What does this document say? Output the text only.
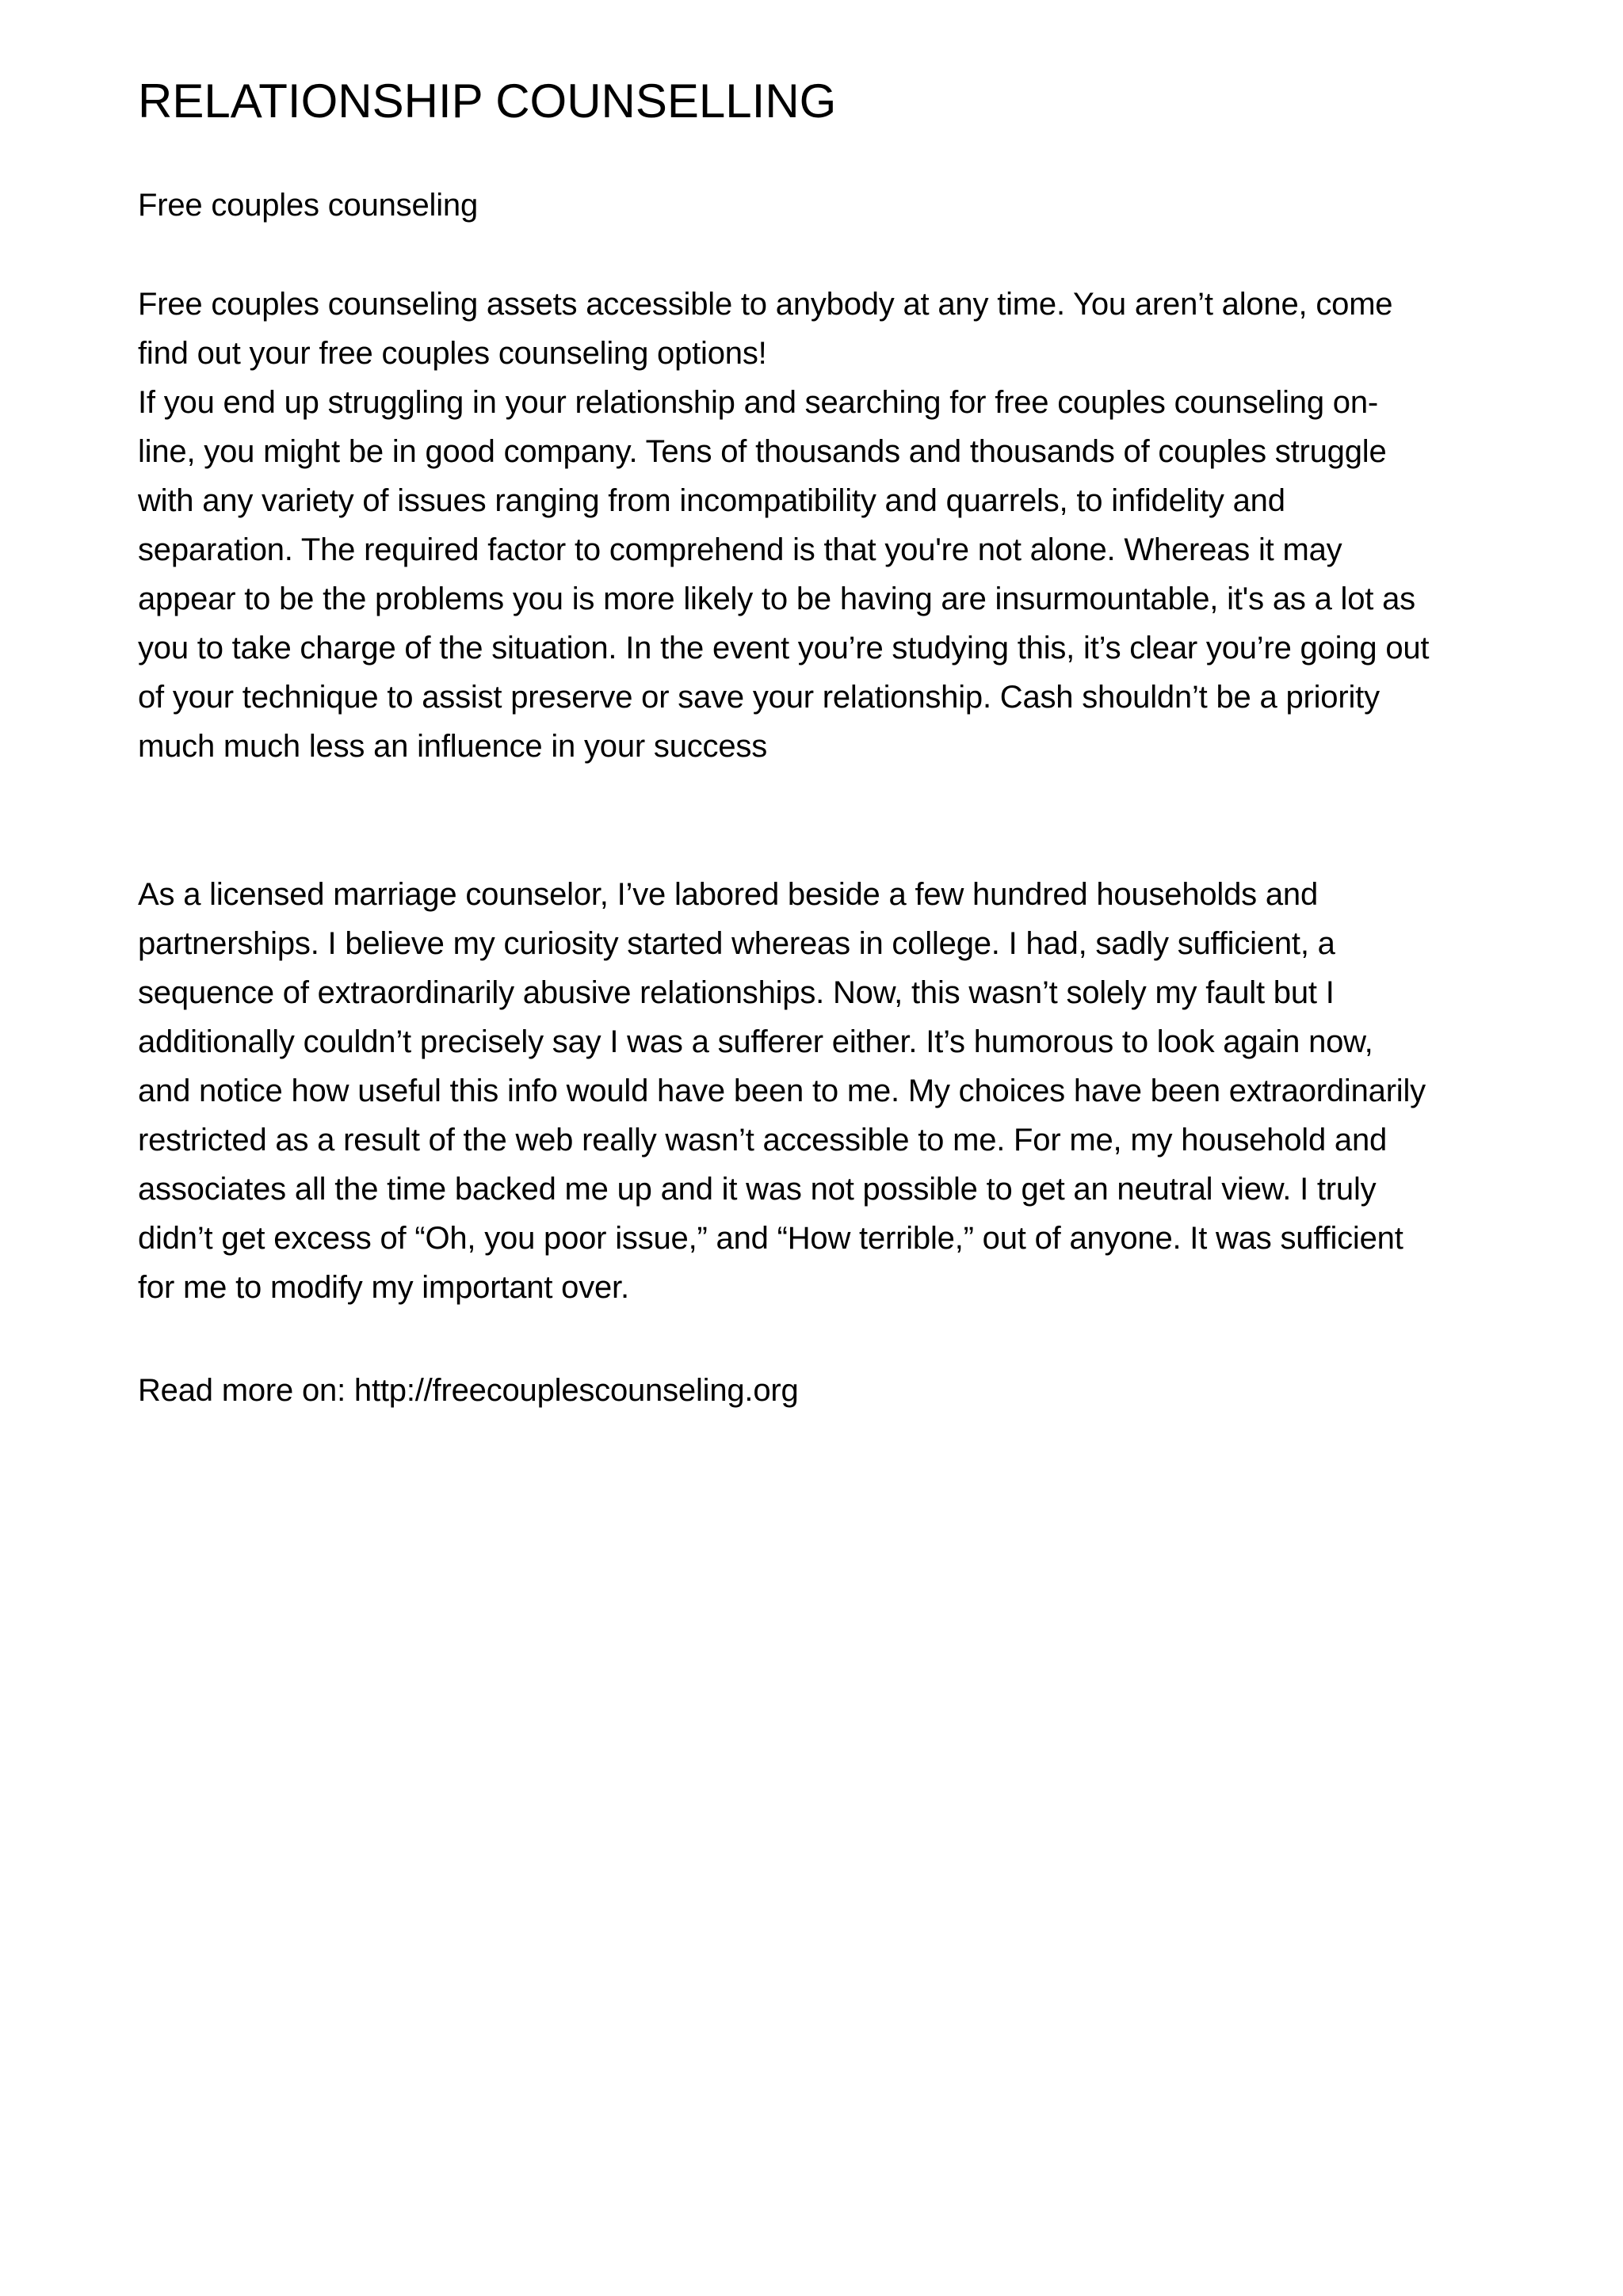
RELATIONSHIP COUNSELLING

Free couples counseling

Free couples counseling assets accessible to anybody at any time. You aren’t alone, come

find out your free couples counseling options!

If you end up struggling in your relationship and searching for free couples counseling on-

line, you might be in good company. Tens of thousands and thousands of couples struggle

with any variety of issues ranging from incompatibility and quarrels, to infidelity and

separation. The required factor to comprehend is that you're not alone. Whereas it may

appear to be the problems you is more likely to be having are insurmountable, it's as a lot as

you to take charge of the situation. In the event you’re studying this, it’s clear you’re going out

of your technique to assist preserve or save your relationship. Cash shouldn’t be a priority

much much less an influence in your success

As a licensed marriage counselor, I’ve labored beside a few hundred households and

partnerships. I believe my curiosity started whereas in college. I had, sadly sufficient, a

sequence of extraordinarily abusive relationships. Now, this wasn’t solely my fault but I

additionally couldn’t precisely say I was a sufferer either. It’s humorous to look again now,

and notice how useful this info would have been to me. My choices have been extraordinarily

restricted as a result of the web really wasn’t accessible to me. For me, my household and

associates all the time backed me up and it was not possible to get an neutral view. I truly

didn’t get excess of “Oh, you poor issue,” and “How terrible,” out of anyone. It was sufficient

for me to modify my important over.

Read more on: http://freecouplescounseling.org
